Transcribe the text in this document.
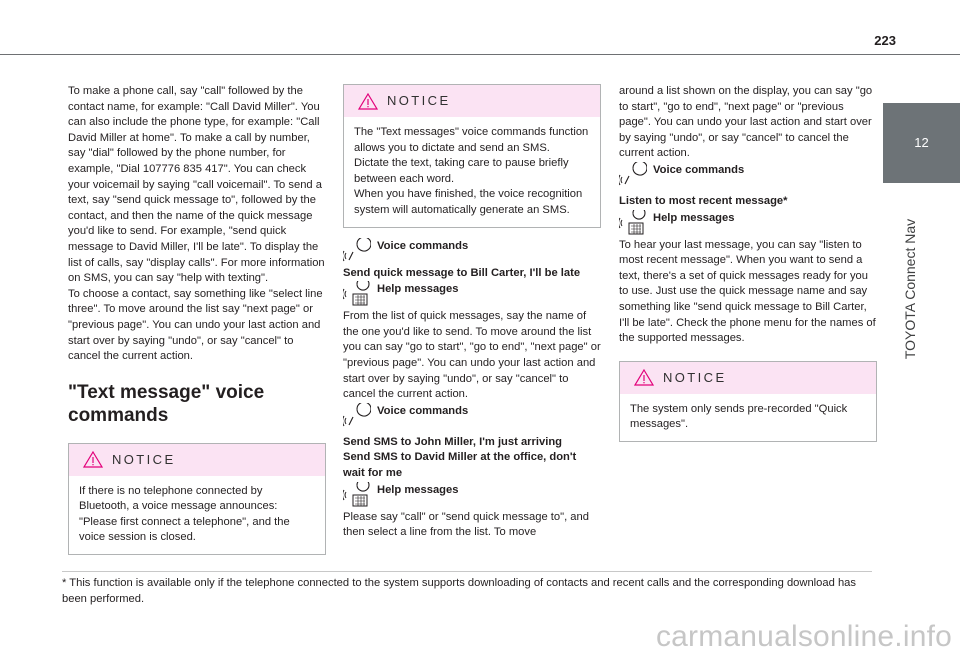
223
12
TOYOTA Connect Nav

To make a phone call, say "call" followed by the contact name, for example: "Call David Miller". You can also include the phone type, for example: "Call David Miller at home". To make a call by number, say "dial" followed by the phone number, for example, "Dial 107776 835 417". You can check your voicemail by saying "call voicemail". To send a text, say "send quick message to", followed by the contact, and then the name of the quick message you'd like to send. For example, "send quick message to David Miller, I'll be late". To display the list of calls, say "display calls". For more information on SMS, you can say "help with texting".

To choose a contact, say something like "select line three". To move around the list say "next page" or "previous page". You can undo your last action and start over by saying "undo", or say "cancel" to cancel the current action.

"Text message" voice commands
NOTICE

If there is no telephone connected by Bluetooth, a voice message announces: "Please first connect a telephone", and the voice session is closed.

NOTICE

The "Text messages" voice commands function allows you to dictate and send an SMS.

Dictate the text, taking care to pause briefly between each word.

When you have finished, the voice recognition system will automatically generate an SMS.

Voice commands

Send quick message to Bill Carter, I'll be late

Help messages

From the list of quick messages, say the name of the one you'd like to send. To move around the list you can say "go to start", "go to end", "next page" or "previous page". You can undo your last action and start over by saying "undo", or say "cancel" to cancel the current action.

Voice commands

Send SMS to John Miller, I'm just arriving

Send SMS to David Miller at the office, don't wait for me

Help messages

Please say "call" or "send quick message to", and then select a line from the list. To move

around a list shown on the display, you can say "go to start", "go to end", "next page" or "previous page". You can undo your last action and start over by saying "undo", or say "cancel" to cancel the current action.

Voice commands

Listen to most recent message*

Help messages

To hear your last message, you can say "listen to most recent message". When you want to send a text, there's a set of quick messages ready for you to use. Just use the quick message name and say something like "send quick message to Bill Carter, I'll be late". Check the phone menu for the names of the supported messages.

NOTICE

The system only sends pre-recorded "Quick messages".

* This function is available only if the telephone connected to the system supports downloading of contacts and recent calls and the corresponding download has been performed.
carmanualsonline.info
